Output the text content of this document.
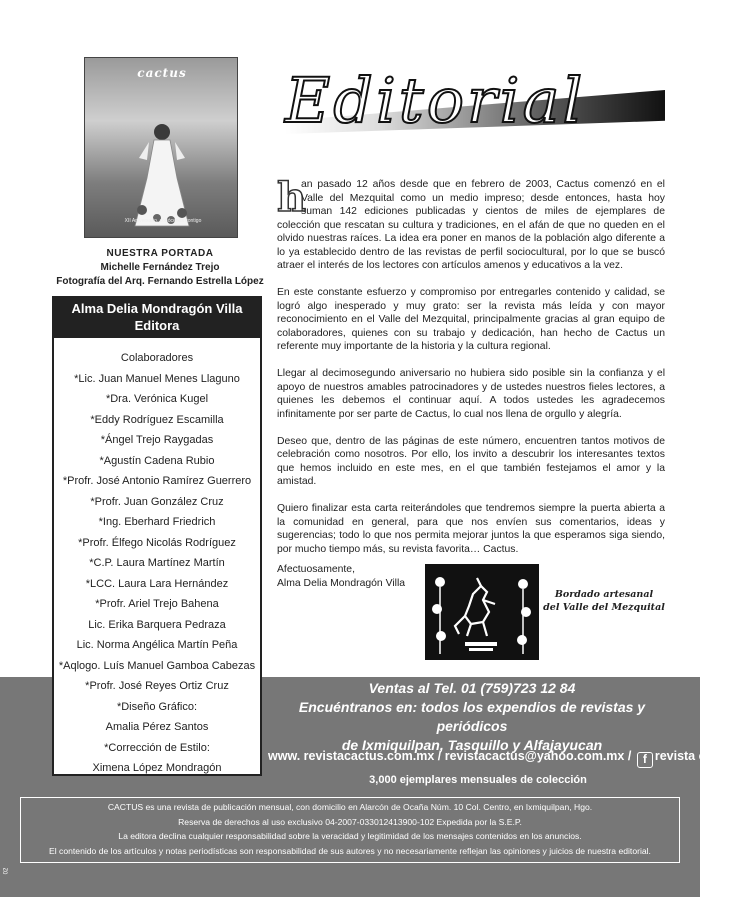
cactus
XII Aniversario, conócenos contigo
NUESTRA PORTADA
Michelle Fernández Trejo
Fotografía del Arq. Fernando Estrella López
Alma Delia Mondragón Villa
Editora
Colaboradores
*Lic. Juan Manuel Menes Llaguno
*Dra. Verónica Kugel
*Eddy Rodríguez Escamilla
*Ángel Trejo Raygadas
*Agustín Cadena Rubio
*Profr. José Antonio Ramírez Guerrero
*Profr. Juan González Cruz
*Ing. Eberhard Friedrich
*Profr. Élfego Nicolás Rodríguez
*C.P. Laura Martínez Martín
*LCC. Laura Lara Hernández
*Profr. Ariel Trejo Bahena
Lic. Erika Barquera Pedraza
Lic. Norma Angélica Martín Peña
*Aqlogo. Luís Manuel Gamboa Cabezas
*Profr. José Reyes Ortiz Cruz
*Diseño Gráfico:
Amalia Pérez Santos
*Corrección de Estilo:
Ximena López Mondragón
Editorial

h
an pasado 12 años desde que en febrero de 2003, Cactus comenzó en el Valle del Mezquital como un medio impreso; desde entonces, hasta hoy suman 142 ediciones publicadas y cientos de miles de ejemplares de colección que rescatan su cultura y tradiciones, en el afán de que no queden en el olvido nuestras raíces. La idea era poner en manos de la población algo diferente a lo ya establecido dentro de las revistas de perfil sociocultural, por lo que se buscó atraer el interés de los lectores con artículos amenos y educativos a la vez.

En este constante esfuerzo y compromiso por entregarles contenido y calidad, se logró algo inesperado y muy grato: ser la revista más leída y con mayor reconocimiento en el Valle del Mezquital, principalmente gracias al gran equipo de colaboradores, quienes con su trabajo y dedicación, han hecho de Cactus un referente muy importante de la historia y la cultura regional.

Llegar al decimosegundo aniversario no hubiera sido posible sin la confianza y el apoyo de nuestros amables patrocinadores y de ustedes nuestros fieles lectores, a quienes les debemos el continuar aquí. A todos ustedes les agradecemos infinitamente por ser parte de Cactus, lo cual nos llena de orgullo y alegría.

Deseo que, dentro de las páginas de este número, encuentren tantos motivos de celebración como nosotros. Por ello, los invito a descubrir los interesantes textos que hemos incluido en este mes, en el que también festejamos el amor y la amistad.

Quiero finalizar esta carta reiterándoles que tendremos siempre la puerta abierta a la comunidad en general, para que nos envíen sus comentarios, ideas y sugerencias; todo lo que nos permita mejorar juntos la que esperamos siga siendo, por mucho tiempo más, su revista favorita… Cactus.

Afectuosamente,
Alma Delia Mondragón Villa
Bordado artesanal
del Valle del Mezquital
Ventas al Tel. 01 (759)723 12 84
Encuéntranos en: todos los expendios de revistas y periódicos
de Ixmiquilpan, Tasquillo y Alfajayucan
www. revistacactus.com.mx / revistacactus@yahoo.com.mx / f revista cactus
3,000 ejemplares mensuales de colección
CACTUS es una revista de publicación mensual, con domicilio en Alarcón de Ocaña Núm. 10 Col. Centro, en Ixmiquilpan, Hgo.
Reserva de derechos al uso exclusivo 04-2007-033012413900-102 Expedida por la S.E.P.
La editora declina cualquier responsabilidad sobre la veracidad y legitimidad de los mensajes contenidos en los anuncios.
El contenido de los artículos y notas periodísticas son responsabilidad de sus autores y no necesariamente reflejan las opiniones y juicios de nuestra editorial.
02
